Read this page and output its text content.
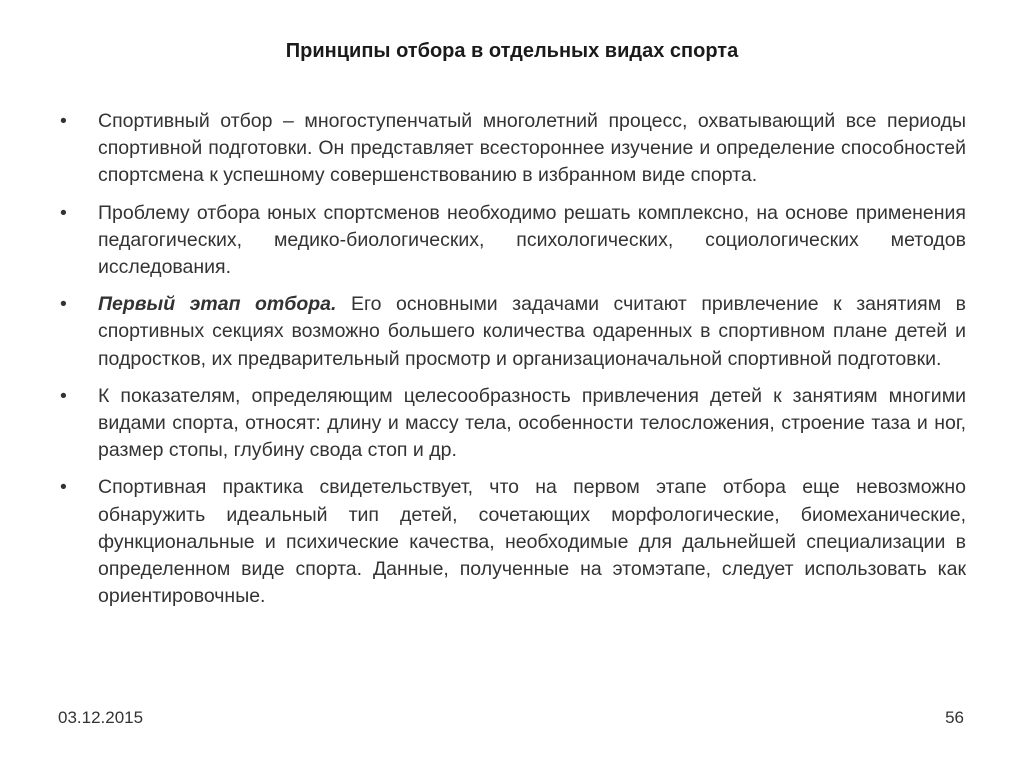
Принципы отбора в отдельных видах спорта
• Спортивный отбор – многоступенчатый многолетний процесс, охватывающий все периоды спортивной подготовки. Он представляет всестороннее изучение и определение способностей спортсмена к успешному совершенствованию в избранном виде спорта.
• Проблему отбора юных спортсменов необходимо решать комплексно, на основе применения педагогических, медико-биологических, психологических, социологических методов исследования.
• Первый этап отбора. Его основными задачами считают привлечение к занятиям в спортивных секциях возможно большего количества одаренных в спортивном плане детей и подростков, их предварительный просмотр и организационачальной спортивной подготовки.
• К показателям, определяющим целесообразность привлечения детей к занятиям многими видами спорта, относят: длину и массу тела, особенности телосложения, строение таза и ног, размер стопы, глубину свода стоп и др.
• Спортивная практика свидетельствует, что на первом этапе отбора еще невозможно обнаружить идеальный тип детей, сочетающих морфологические, биомеханические, функциональные и психические качества, необходимые для дальнейшей специализации в определенном виде спорта. Данные, полученные на этомэтапе, следует использовать как ориентировочные.
03.12.2015	56
